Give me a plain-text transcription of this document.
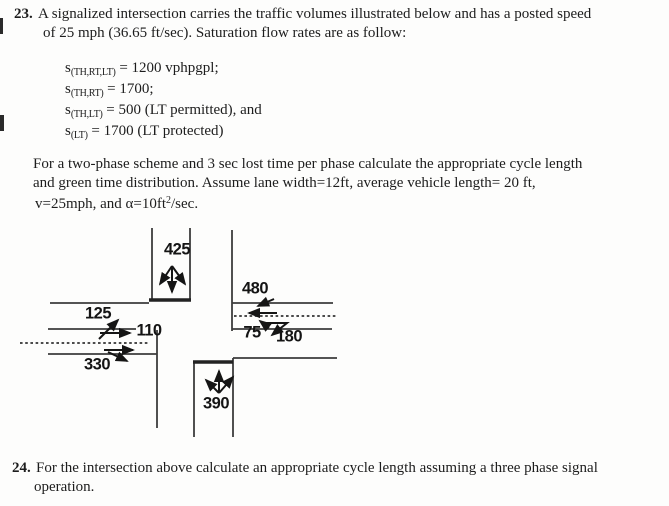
23. A signalized intersection carries the traffic volumes illustrated below and has a posted speed
of 25 mph (36.65 ft/sec). Saturation flow rates are as follow:
$s_{(TH,RT,LT)} = 1200$ vphpgpl;
$s_{(TH,RT)} = 1700$;
$s_{(TH,LT)} = 500$ (LT permitted), and
$s_{(LT)} = 1700$ (LT protected)
For a two-phase scheme and 3 sec lost time per phase calculate the appropriate cycle length
and green time distribution. Assume lane width=12ft, average vehicle length= 20 ft,
v=25mph, and $\alpha=10ft^2/\sec$.
425
480
75 180
125
110
330
390
24. For the intersection above calculate an appropriate cycle length assuming a three phase signal
operation.
